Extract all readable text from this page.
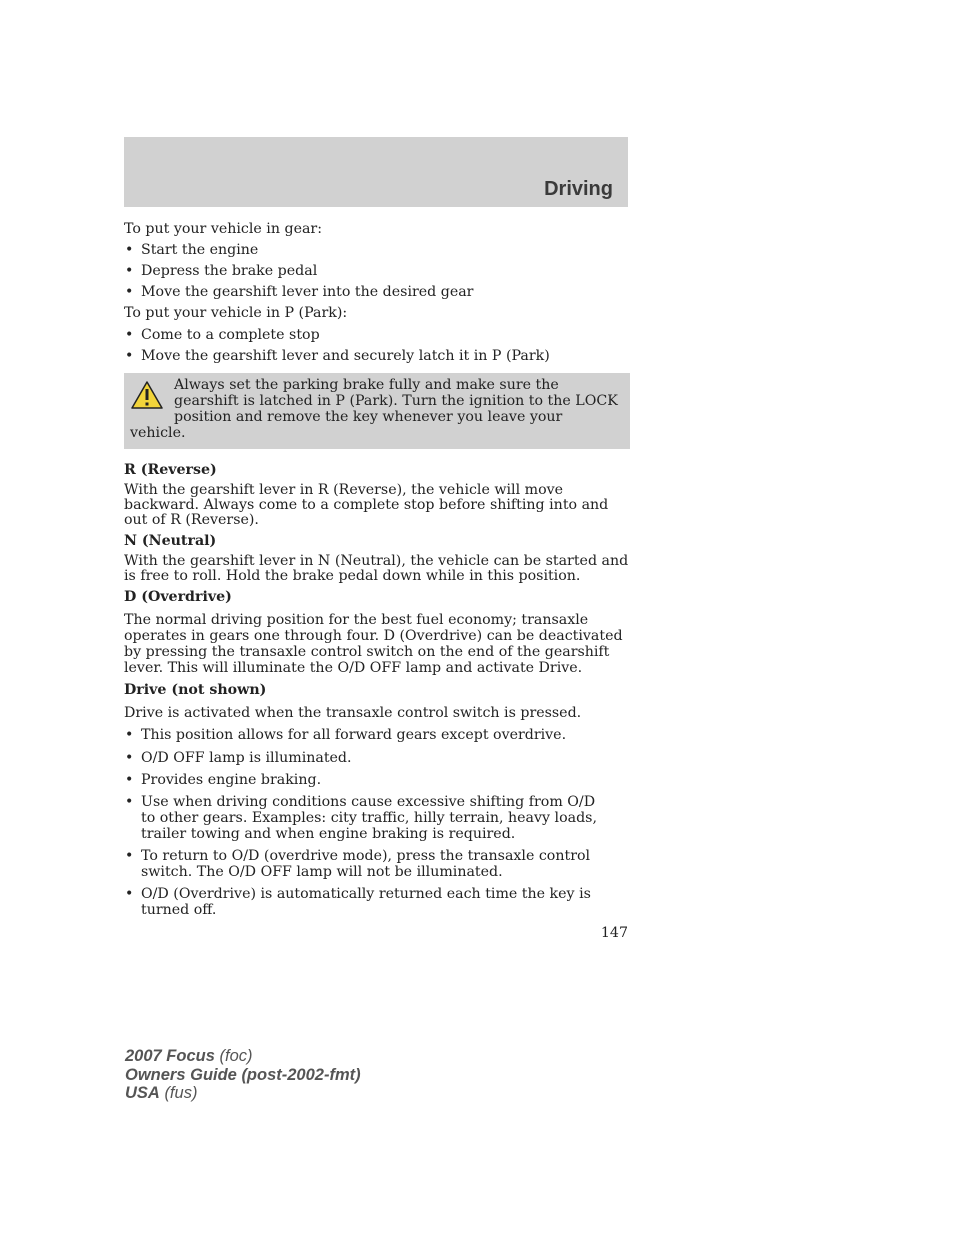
Driving

To put your vehicle in gear:

• Start the engine
• Depress the brake pedal
• Move the gearshift lever into the desired gear

To put your vehicle in P (Park):

• Come to a complete stop
• Move the gearshift lever and securely latch it in P (Park)
Always set the parking brake fully and make sure the gearshift is latched in P (Park). Turn the ignition to the LOCK position and remove the key whenever you leave your vehicle.

R (Reverse)

With the gearshift lever in R (Reverse), the vehicle will move backward. Always come to a complete stop before shifting into and out of R (Reverse).

N (Neutral)

With the gearshift lever in N (Neutral), the vehicle can be started and is free to roll. Hold the brake pedal down while in this position.

D (Overdrive)

The normal driving position for the best fuel economy; transaxle operates in gears one through four. D (Overdrive) can be deactivated by pressing the transaxle control switch on the end of the gearshift lever. This will illuminate the O/D OFF lamp and activate Drive.

Drive (not shown)

Drive is activated when the transaxle control switch is pressed.

• This position allows for all forward gears except overdrive.
• O/D OFF lamp is illuminated.
• Provides engine braking.
• Use when driving conditions cause excessive shifting from O/D to other gears. Examples: city traffic, hilly terrain, heavy loads, trailer towing and when engine braking is required.
• To return to O/D (overdrive mode), press the transaxle control switch. The O/D OFF lamp will not be illuminated.
• O/D (Overdrive) is automatically returned each time the key is turned off.
147
2007 Focus (foc)
Owners Guide (post-2002-fmt)
USA (fus)
